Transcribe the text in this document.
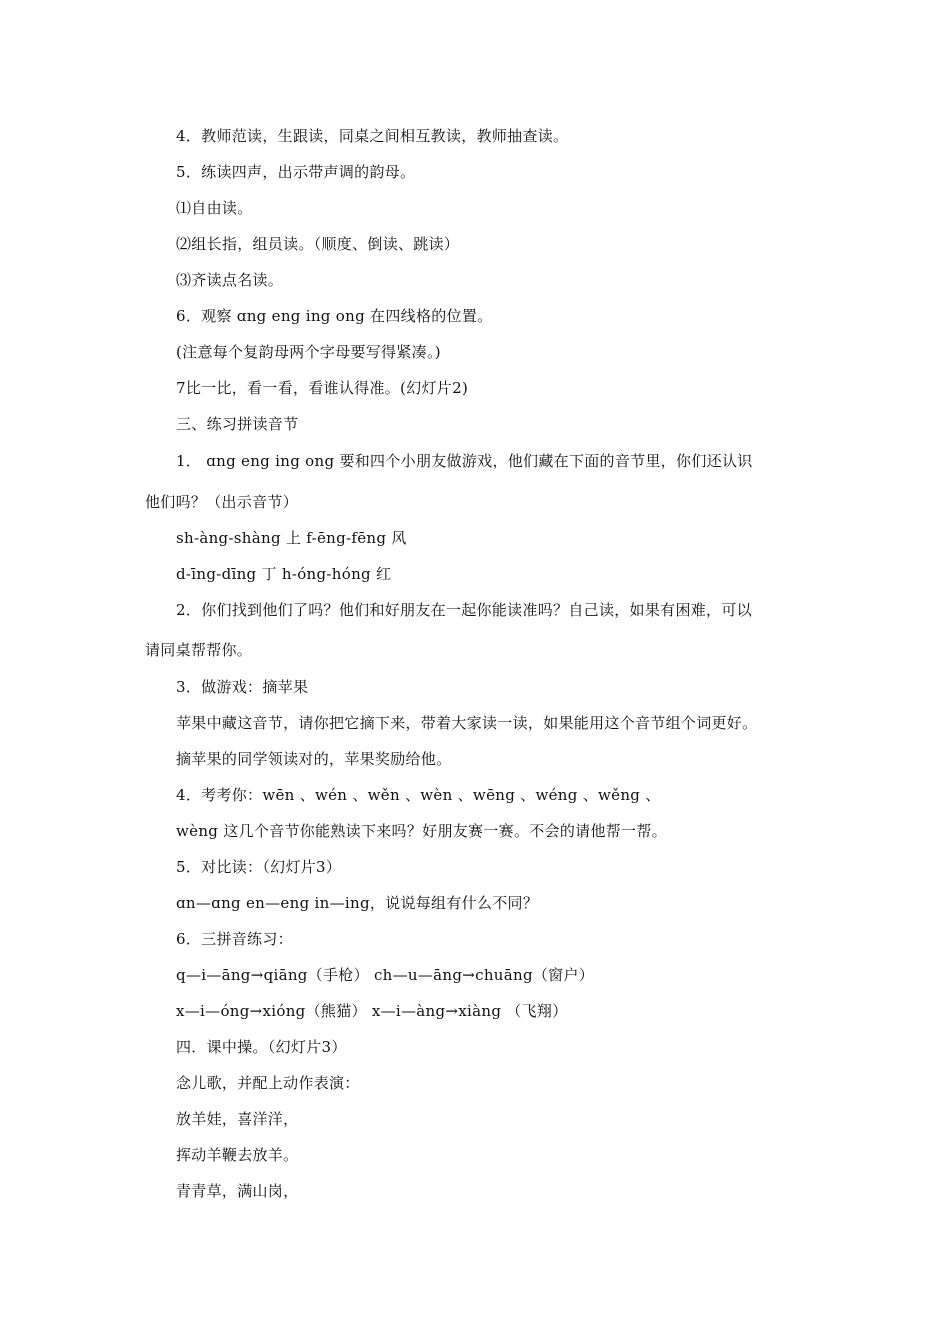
4．教师范读，生跟读，同桌之间相互教读，教师抽查读。
5．练读四声，出示带声调的韵母。
⑴自由读。
⑵组长指，组员读。（顺度、倒读、跳读）
⑶齐读点名读。
6．观察 ɑng eng ing ong 在四线格的位置。
(注意每个复韵母两个字母要写得紧凑。)
7比一比，看一看，看谁认得准。(幻灯片2)
三、练习拼读音节
1． ɑng eng ing ong 要和四个小朋友做游戏，他们藏在下面的音节里，你们还认识
他们吗？（出示音节）
sh-àng-shàng 上 f-ēng-fēng 风
d-īng-dīng 丁 h-óng-hóng 红
2．你们找到他们了吗？他们和好朋友在一起你能读准吗？自己读，如果有困难，可以
请同桌帮帮你。
3．做游戏：摘苹果
苹果中藏这音节，请你把它摘下来，带着大家读一读，如果能用这个音节组个词更好。
摘苹果的同学领读对的，苹果奖励给他。
4．考考你：wēn 、wén 、wěn 、wèn 、wēng 、wéng 、wěng 、
wèng 这几个音节你能熟读下来吗？好朋友赛一赛。不会的请他帮一帮。
5．对比读：（幻灯片3）
ɑn—ɑng en—eng in—ing，说说每组有什么不同？
6．三拼音练习：
q—i—āng→qiāng（手枪） ch—u—āng→chuāng（窗户）
x—i—óng→xióng（熊猫） x—i—àng→xiàng （飞翔）
四．课中操。（幻灯片3）
念儿歌，并配上动作表演：
放羊娃，喜洋洋，
挥动羊鞭去放羊。
青青草，满山岗，
